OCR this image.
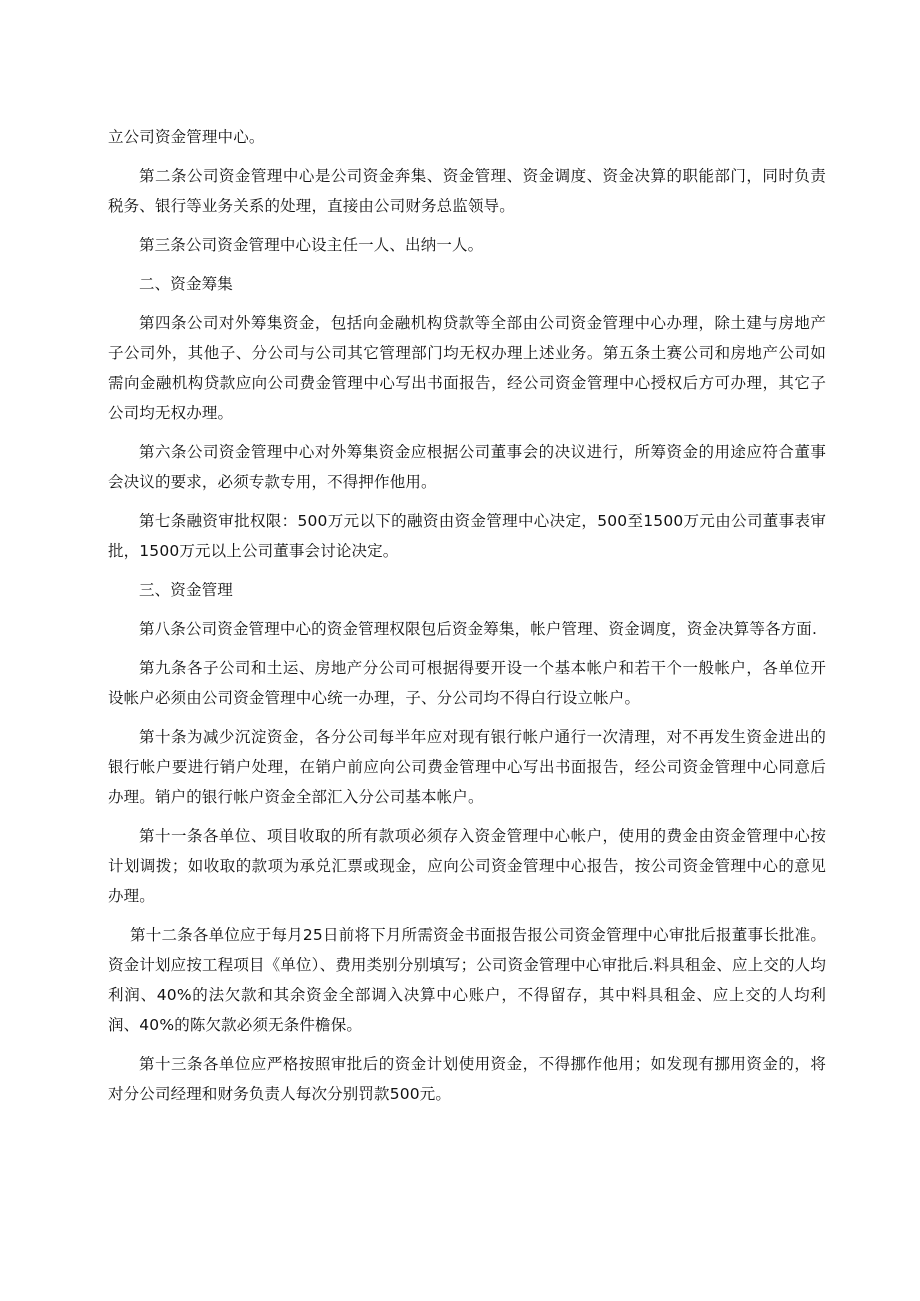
立公司资金管理中心。

第二条公司资金管理中心是公司资金奔集、资金管理、资金调度、资金决算的职能部门，同时负责税务、银行等业务关系的处理，直接由公司财务总监领导。

第三条公司资金管理中心设主任一人、出纳一人。

二、资金筹集

第四条公司对外筹集资金，包括向金融机构贷款等全部由公司资金管理中心办理，除土建与房地产子公司外，其他子、分公司与公司其它管理部门均无权办理上述业务。第五条土赛公司和房地产公司如需向金融机构贷款应向公司费金管理中心写出书面报告，经公司资金管理中心授权后方可办理，其它子公司均无权办理。

第六条公司资金管理中心对外筹集资金应根据公司董事会的决议进行，所筹资金的用途应符合董事会决议的要求，必须专款专用，不得押作他用。

第七条融资审批权限：500万元以下的融资由资金管理中心决定，500至1500万元由公司董事表审批，1500万元以上公司董事会讨论决定。

三、资金管理

第八条公司资金管理中心的资金管理权限包后资金筹集，帐户管理、资金调度，资金决算等各方面.

第九条各子公司和土运、房地产分公司可根据得要开设一个基本帐户和若干个一般帐户，各单位开设帐户必须由公司资金管理中心统一办理，子、分公司均不得白行设立帐户。

第十条为减少沉淀资金，各分公司每半年应对现有银行帐户通行一次清理，对不再发生资金进出的银行帐户要进行销户处理，在销户前应向公司费金管理中心写出书面报告，经公司资金管理中心同意后办理。销户的银行帐户资金全部汇入分公司基本帐户。

第十一条各单位、项目收取的所有款项必须存入资金管理中心帐户，使用的费金由资金管理中心按计划调拨；如收取的款项为承兑汇票或现金，应向公司资金管理中心报告，按公司资金管理中心的意见办理。

第十二条各单位应于每月25日前将下月所需资金书面报告报公司资金管理中心审批后报董事长批准。资金计划应按工程项目《单位）、费用类别分别填写；公司资金管理中心审批后.料具租金、应上交的人均利润、40%的法欠款和其余资金全部调入决算中心账户，不得留存，其中料具租金、应上交的人均利润、40%的陈欠款必须无条件檐保。

第十三条各单位应严格按照审批后的资金计划使用资金，不得挪作他用；如发现有挪用资金的，将对分公司经理和财务负责人每次分别罚款500元。
